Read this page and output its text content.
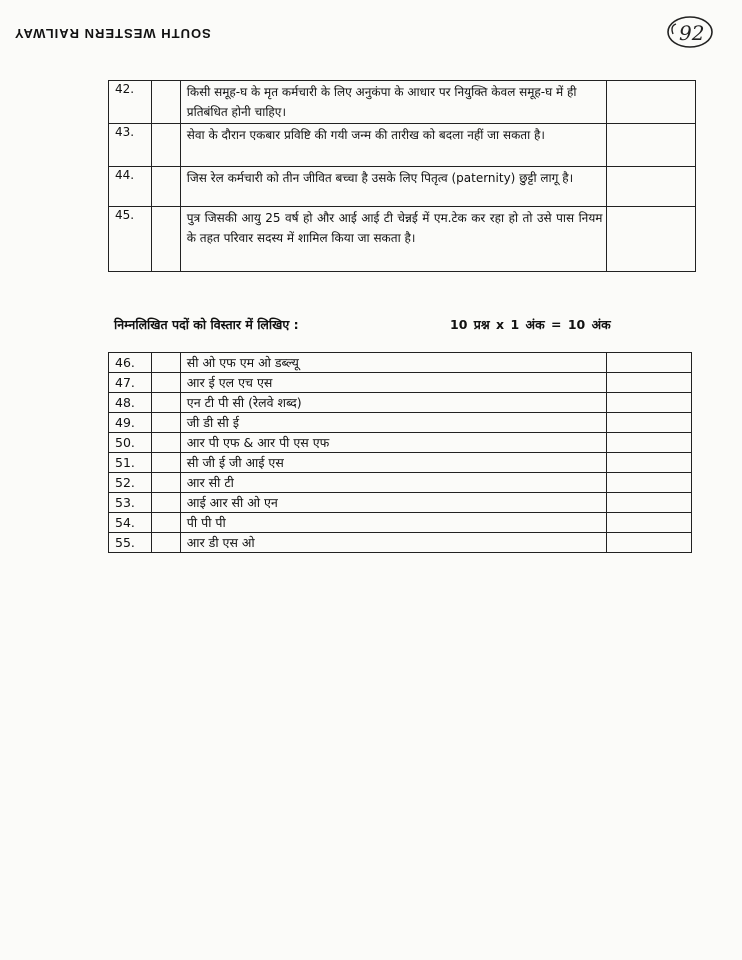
SOUTH WESTERN RAILWAY	92
42.		किसी समूह-घ के मृत कर्मचारी के लिए अनुकंपा के आधार पर नियुक्ति केवल समूह-घ में ही प्रतिबंधित होनी चाहिए।	
43.		सेवा के दौरान एकबार प्रविष्टि की गयी जन्म की तारीख को बदला नहीं जा सकता है।	
44.		जिस रेल कर्मचारी को तीन जीवित बच्चा है उसके लिए पितृत्व (paternity) छुट्टी लागू है।	
45.		पुत्र जिसकी आयु 25 वर्ष हो और आई आई टी चेन्नई में एम.टेक कर रहा हो तो उसे पास नियम के तहत परिवार सदस्य में शामिल किया जा सकता है।	
निम्नलिखित पदों को विस्तार में लिखिए :	10 प्रश्न x 1 अंक = 10 अंक
46.		सी ओ एफ एम ओ डब्ल्यू	
47.		आर ई एल एच एस	
48.		एन टी पी सी (रेलवे शब्द)	
49.		जी डी सी ई	
50.		आर पी एफ & आर पी एस एफ	
51.		सी जी ई जी आई एस	
52.		आर सी टी	
53.		आई आर सी ओ एन	
54.		पी पी पी	
55.		आर डी एस ओ	
